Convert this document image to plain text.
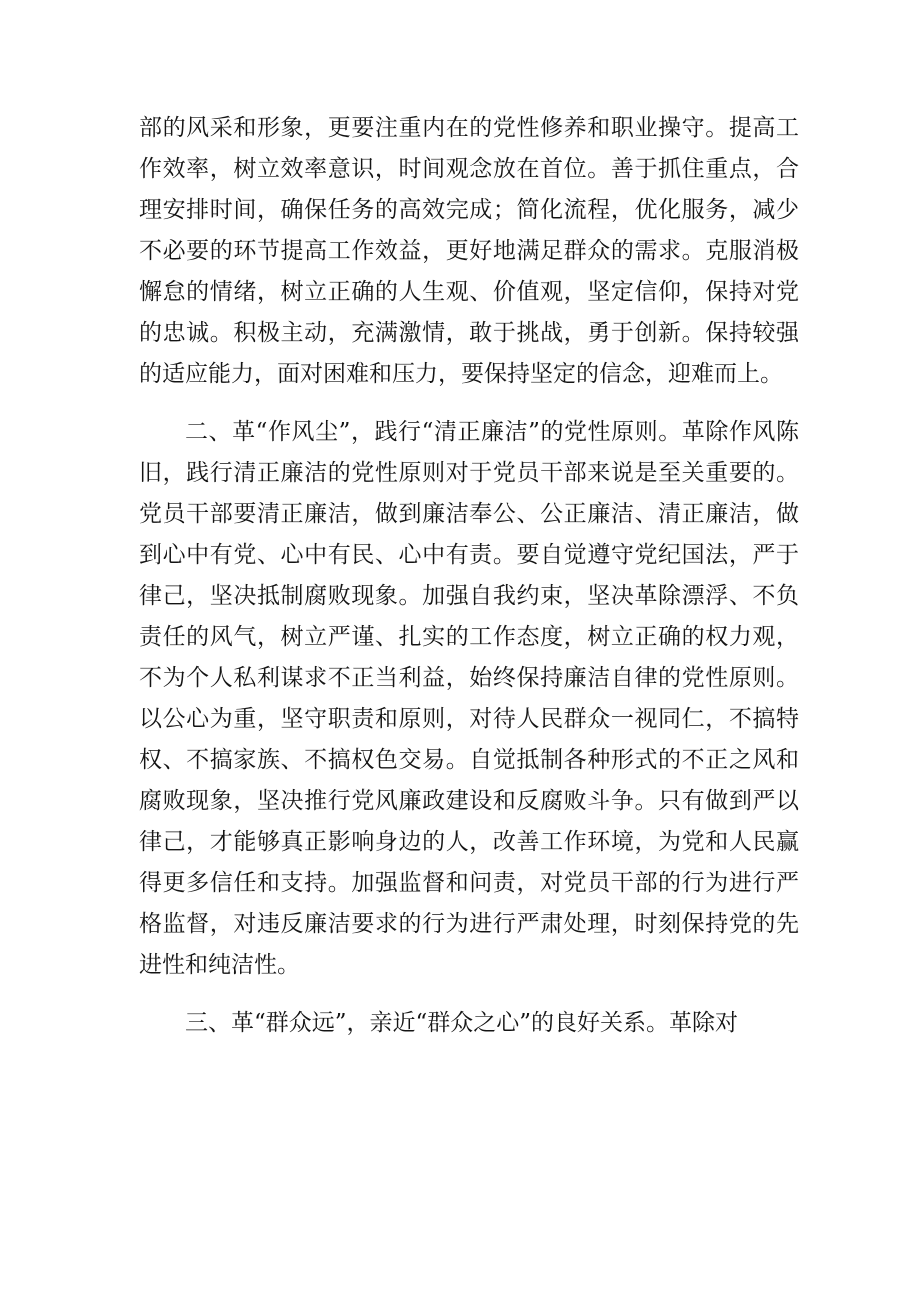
部的风采和形象，更要注重内在的党性修养和职业操守。提高工作效率，树立效率意识，时间观念放在首位。善于抓住重点，合理安排时间，确保任务的高效完成；简化流程，优化服务，减少不必要的环节提高工作效益，更好地满足群众的需求。克服消极懈怠的情绪，树立正确的人生观、价值观，坚定信仰，保持对党的忠诚。积极主动，充满激情，敢于挑战，勇于创新。保持较强的适应能力，面对困难和压力，要保持坚定的信念，迎难而上。

二、革“作风尘”，践行“清正廉洁”的党性原则。革除作风陈旧，践行清正廉洁的党性原则对于党员干部来说是至关重要的。党员干部要清正廉洁，做到廉洁奉公、公正廉洁、清正廉洁，做到心中有党、心中有民、心中有责。要自觉遵守党纪国法，严于律己，坚决抵制腐败现象。加强自我约束，坚决革除漂浮、不负责任的风气，树立严谨、扎实的工作态度，树立正确的权力观，不为个人私利谋求不正当利益，始终保持廉洁自律的党性原则。以公心为重，坚守职责和原则，对待人民群众一视同仁，不搞特权、不搞家族、不搞权色交易。自觉抵制各种形式的不正之风和腐败现象，坚决推行党风廉政建设和反腐败斗争。只有做到严以律己，才能够真正影响身边的人，改善工作环境，为党和人民赢得更多信任和支持。加强监督和问责，对党员干部的行为进行严格监督，对违反廉洁要求的行为进行严肃处理，时刻保持党的先进性和纯洁性。

三、革“群众远”，亲近“群众之心”的良好关系。革除对
